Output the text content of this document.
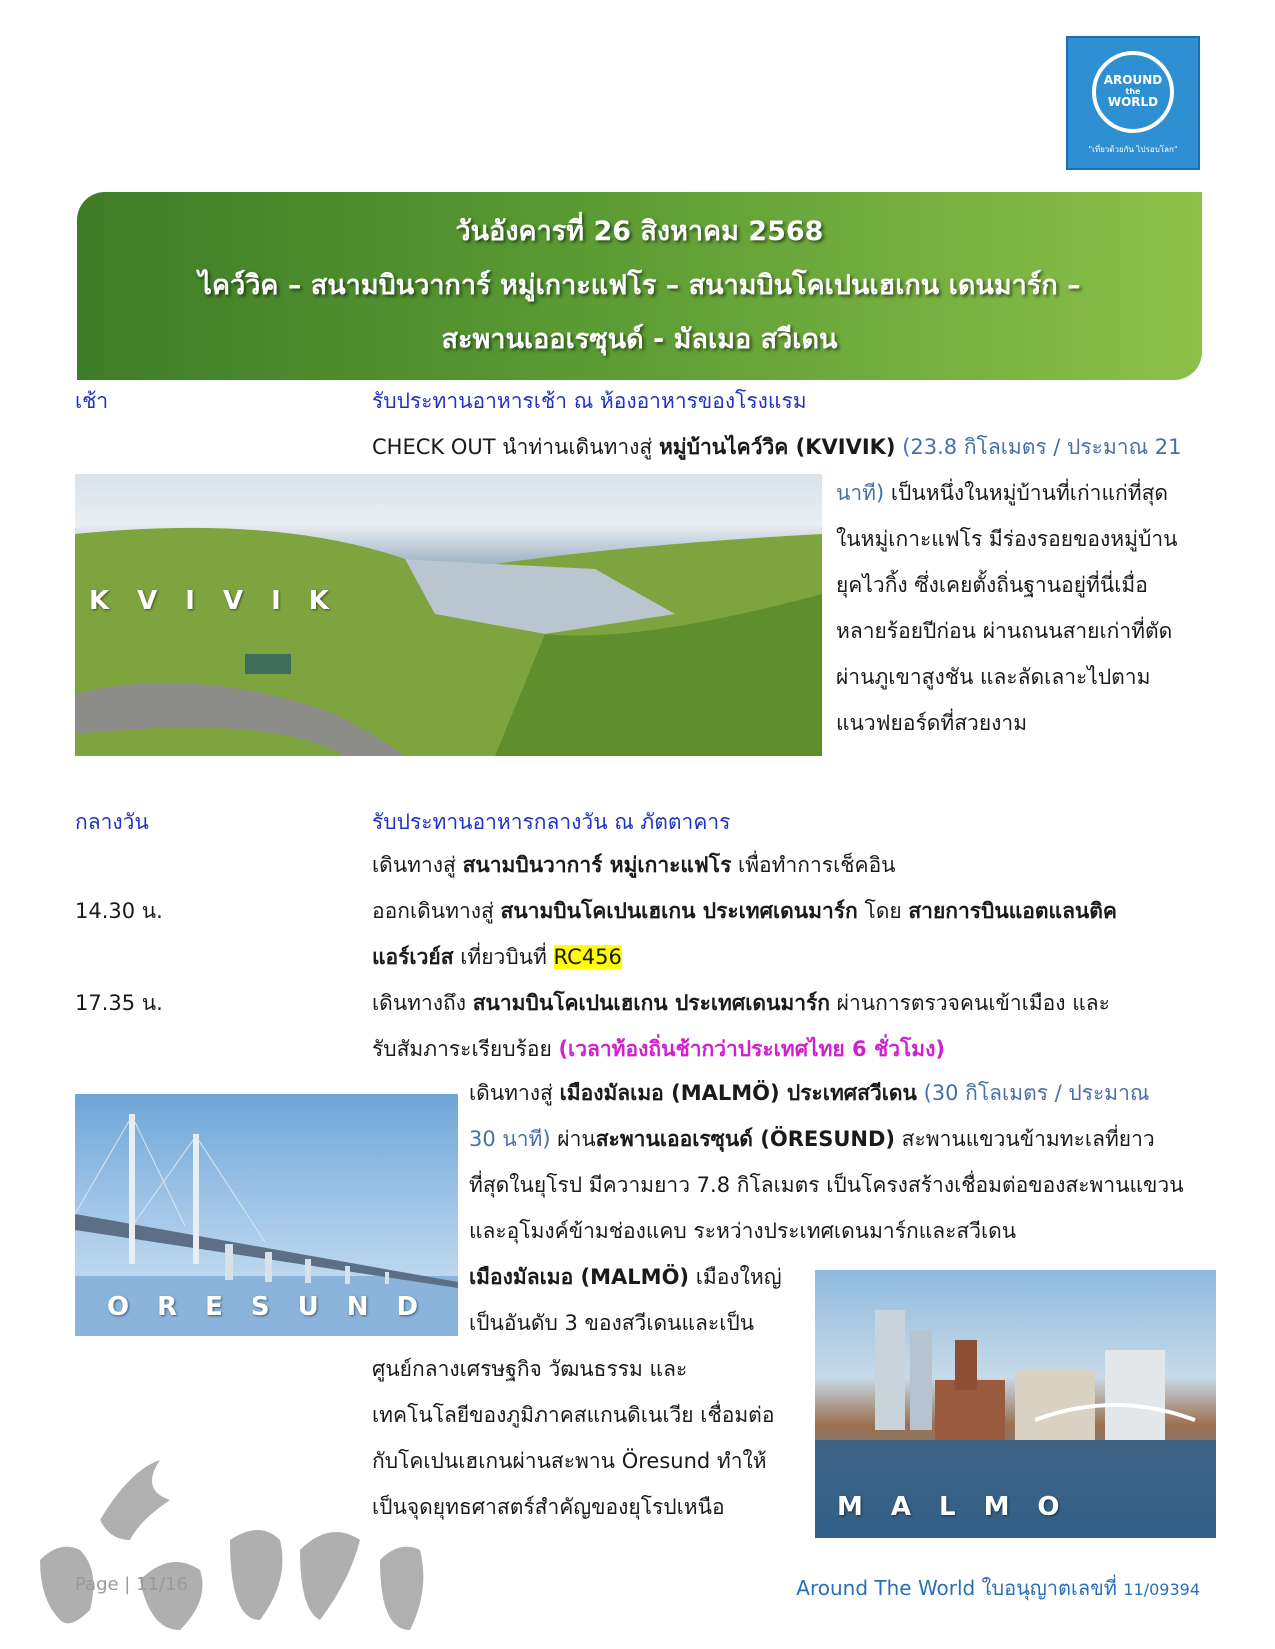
AROUND
the
WORLD
"เที่ยวด้วยกัน ไปรอบโลก"
วันอังคารที่ 26 สิงหาคม 2568
ไคว์วิค – สนามบินวาการ์ หมู่เกาะแฟโร – สนามบินโคเปนเฮเกน เดนมาร์ก –
สะพานเออเรซุนด์ - มัลเมอ สวีเดน
เช้า	รับประทานอาหารเช้า ณ ห้องอาหารของโรงแรม
CHECK OUT นำท่านเดินทางสู่ หมู่บ้านไคว์วิค (KVIVIK) (23.8 กิโลเมตร / ประมาณ 21
KVIVIK
นาที) เป็นหนึ่งในหมู่บ้านที่เก่าแก่ที่สุด
ในหมู่เกาะแฟโร มีร่องรอยของหมู่บ้าน
ยุคไวกิ้ง ซึ่งเคยตั้งถิ่นฐานอยู่ที่นี่เมื่อ
หลายร้อยปีก่อน ผ่านถนนสายเก่าที่ตัด
ผ่านภูเขาสูงชัน และลัดเลาะไปตาม
แนวฟยอร์ดที่สวยงาม
กลางวัน	รับประทานอาหารกลางวัน ณ ภัตตาคาร
เดินทางสู่ สนามบินวาการ์ หมู่เกาะแฟโร เพื่อทำการเช็คอิน
14.30 น.	ออกเดินทางสู่ สนามบินโคเปนเฮเกน ประเทศเดนมาร์ก โดย สายการบินแอตแลนติค
แอร์เวย์ส เที่ยวบินที่ RC456
17.35 น.	เดินทางถึง สนามบินโคเปนเฮเกน ประเทศเดนมาร์ก ผ่านการตรวจคนเข้าเมือง และ
รับสัมภาระเรียบร้อย (เวลาท้องถิ่นช้ากว่าประเทศไทย 6 ชั่วโมง)
ORESUND
เดินทางสู่ เมืองมัลเมอ (MALMÖ) ประเทศสวีเดน (30 กิโลเมตร / ประมาณ
30 นาที) ผ่านสะพานเออเรซุนด์ (ÖRESUND) สะพานแขวนข้ามทะเลที่ยาว
ที่สุดในยุโรป มีความยาว 7.8 กิโลเมตร เป็นโครงสร้างเชื่อมต่อของสะพานแขวน
และอุโมงค์ข้ามช่องแคบ ระหว่างประเทศเดนมาร์กและสวีเดน
เมืองมัลเมอ (MALMÖ) เมืองใหญ่
เป็นอันดับ 3 ของสวีเดนและเป็น
ศูนย์กลางเศรษฐกิจ วัฒนธรรม และ
เทคโนโลยีของภูมิภาคสแกนดิเนเวีย เชื่อมต่อ
กับโคเปนเฮเกนผ่านสะพาน Öresund ทำให้
เป็นจุดยุทธศาสตร์สำคัญของยุโรปเหนือ	MALMO
Page | 11/16	Around The World ใบอนุญาตเลขที่ 11/09394
